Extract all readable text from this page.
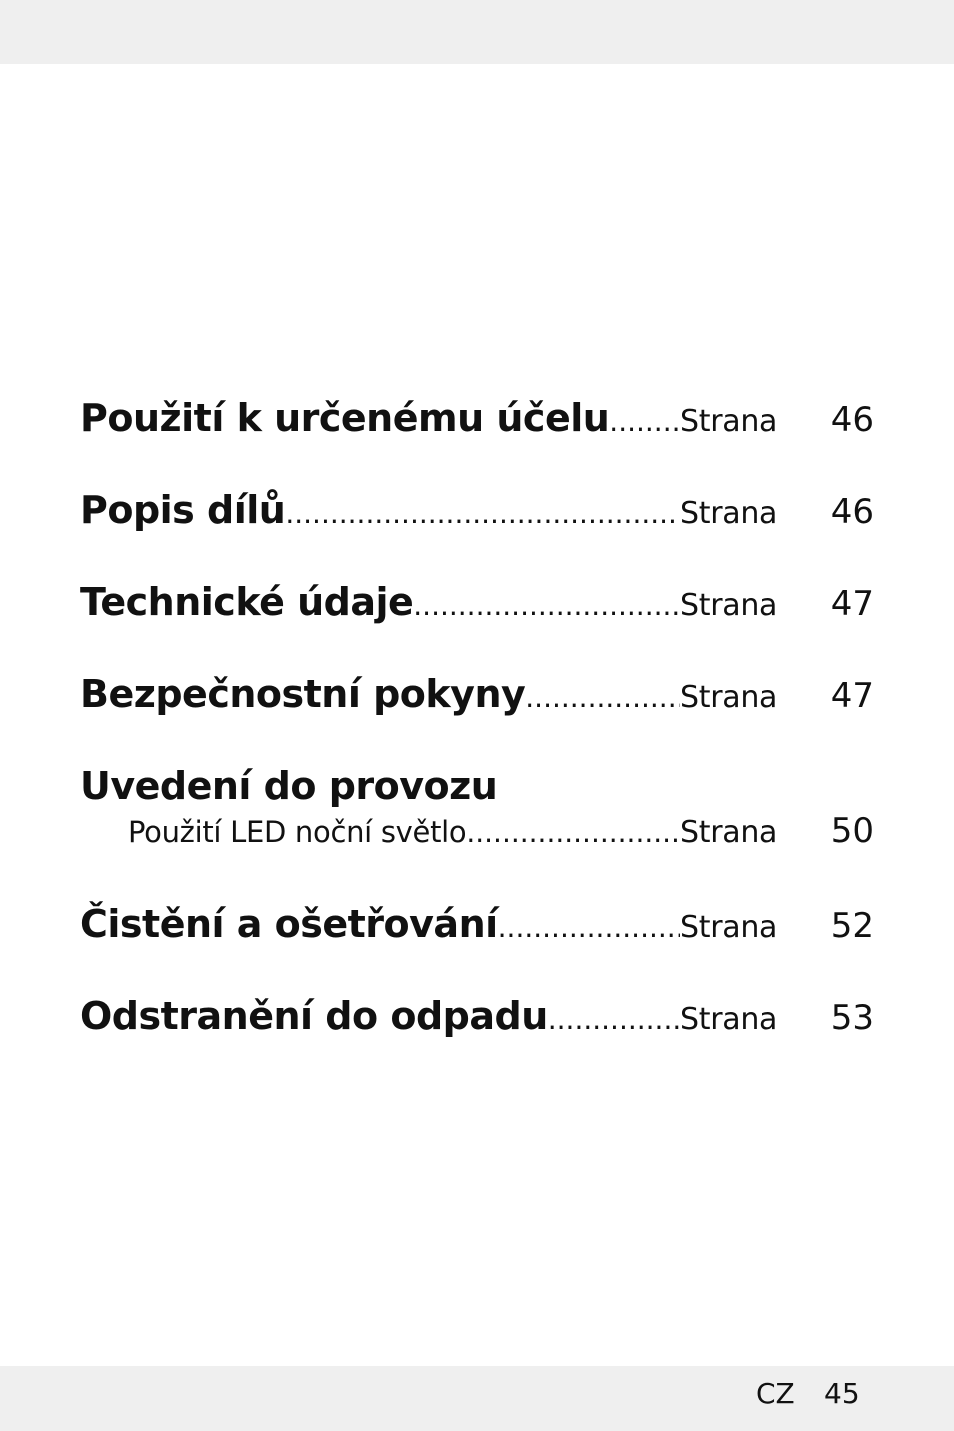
Použití k určenému účelu ..... Strana	46
Popis dílů .....	Strana	46
Technické údaje .....	Strana	47
Bezpečnostní pokyny .....	Strana	47
Uvedení do provozu
Použití LED noční světlo .....	Strana	50
Čistění a ošetřování .....	Strana	52
Odstranění do odpadu .....	Strana	53
CZ 45
